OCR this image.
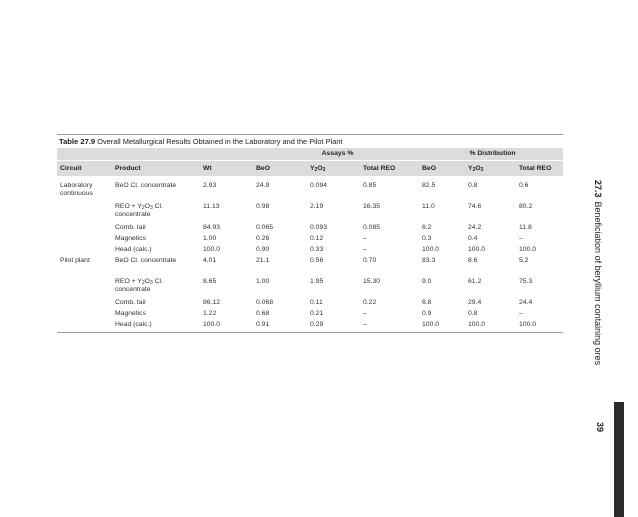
Table 27.9 Overall Metallurgical Results Obtained in the Laboratory and the Pilot Plant
			Assays %			% Distribution		
Circuit	Product	Wt	BeO	$Y_2O_3$	Total REO	BeO	$Y_2O_3$	Total REO
Laboratory continuous	BeO Cl. concentrate	2.93	24.9	0.094	0.85	82.5	0.8	0.6
	REO + $Y_2O_3$ Cl. concentrate	11.13	0.98	2.19	16.35	11.0	74.6	80.2
	Comb. tail	84.93	0.065	0.093	0.085	6.2	24.2	11.8
	Magnetics	1.00	0.26	0.12	–	0.3	0.4	–
	Head (calc.)	100.0	0.90	0.33	–	100.0	100.0	100.0
Pilot plant	BeO Cl. concentrate	4.01	21.1	0.56	0.70	83.3	8.6	5.2
	REO + $Y_2O_3$ Cl. concentrate	8.65	1.00	1.95	15.30	9.0	61.2	75.3
	Comb. tail	86.12	0.068	0.11	0.22	6.8	29.4	24.4
	Magnetics	1.22	0.68	0.21	–	0.9	0.8	–
	Head (calc.)	100.0	0.91	0.29	–	100.0	100.0	100.0
27.3Beneficiation of beryllium containing ores
39
